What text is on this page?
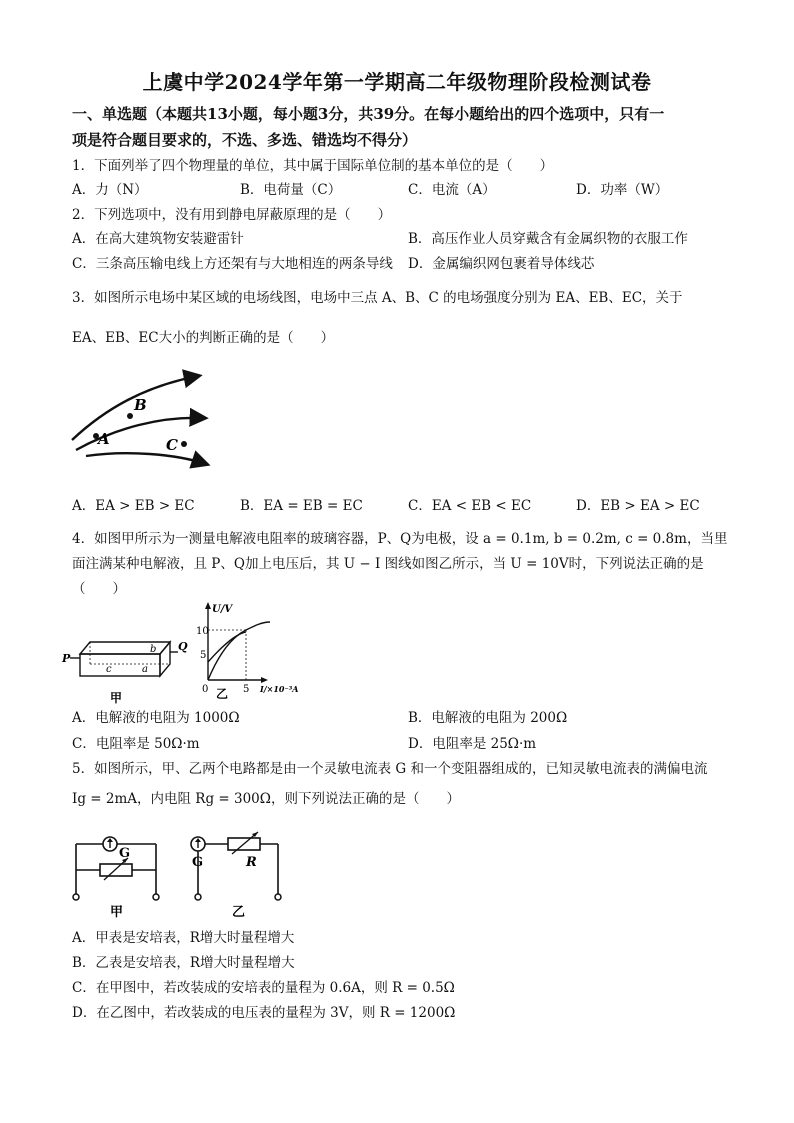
上虞中学2024学年第一学期高二年级物理阶段检测试卷
一、单选题（本题共13小题，每小题3分，共39分。在每小题给出的四个选项中，只有一
项是符合题目要求的，不选、多选、错选均不得分）
1．下面列举了四个物理量的单位，其中属于国际单位制的基本单位的是（　　）
A．力（N）	B．电荷量（C）	C．电流（A）	D．功率（W）
2．下列选项中，没有用到静电屏蔽原理的是（　　）
A．在高大建筑物安装避雷针	B．高压作业人员穿戴含有金属织物的衣服工作
C．三条高压输电线上方还架有与大地相连的两条导线 D．金属编织网包裹着导体线芯
3．如图所示电场中某区域的电场线图，电场中三点 A、B、C 的电场强度分别为 EA、EB、EC，关于
EA、EB、EC大小的判断正确的是（　　）
B
A	C
A．EA > EB > EC	B．EA = EB = EC	C．EA < EB < EC	D．EB > EA > EC
4．如图甲所示为一测量电解液电阻率的玻璃容器，P、Q为电极，设 a = 0.1m, b = 0.2m, c = 0.8m，当里
面注满某种电解液，且 P、Q加上电压后，其 U − I 图线如图乙所示，当 U = 10V时，下列说法正确的是
（　　）
P
Q
b
a
c
甲
U/V
10
5
0	5 I/×10⁻³A
乙
A．电解液的电阻为 1000Ω	B．电解液的电阻为 200Ω
C．电阻率是 50Ω·m	D．电阻率是 25Ω·m
5．如图所示，甲、乙两个电路都是由一个灵敏电流表 G 和一个变阻器组成的，已知灵敏电流表的满偏电流
Ig = 2mA，内电阻 Rg = 300Ω，则下列说法正确的是（　　）
G
甲
G	R
乙
A．甲表是安培表，R增大时量程增大
B．乙表是安培表，R增大时量程增大
C．在甲图中，若改装成的安培表的量程为 0.6A，则 R = 0.5Ω
D．在乙图中，若改装成的电压表的量程为 3V，则 R = 1200Ω
